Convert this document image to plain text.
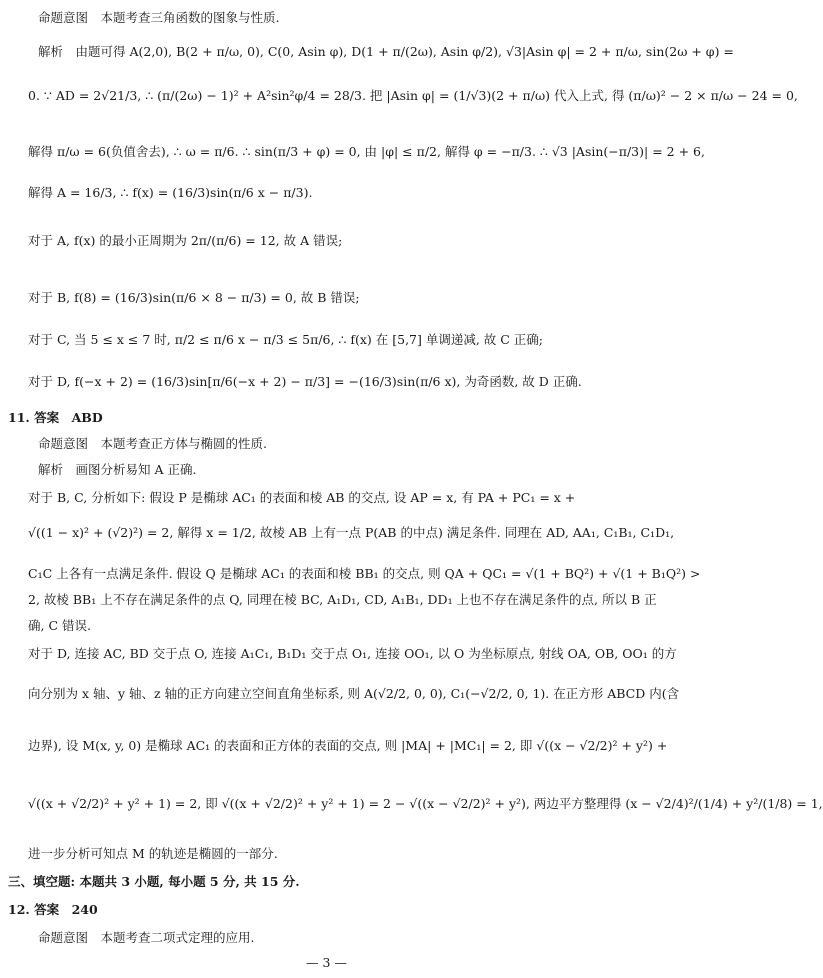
命题意图　本题考查三角函数的图象与性质.
解析　由题可得 A(2,0), B(2 + π/ω, 0), C(0, Asin φ), D(1 + π/(2ω), Asin φ/2), √3|Asin φ| = 2 + π/ω, sin(2ω + φ) =
0. ∵ AD = 2√21/3, ∴ (π/(2ω) − 1)² + A²sin²φ/4 = 28/3. 把 |Asin φ| = (1/√3)(2 + π/ω) 代入上式, 得 (π/ω)² − 2 × π/ω − 24 = 0,
解得 π/ω = 6(负值舍去), ∴ ω = π/6. ∴ sin(π/3 + φ) = 0, 由 |φ| ≤ π/2, 解得 φ = −π/3. ∴ √3 |Asin(−π/3)| = 2 + 6,
解得 A = 16/3, ∴ f(x) = (16/3)sin(π/6 x − π/3).
对于 A, f(x) 的最小正周期为 2π/(π/6) = 12, 故 A 错误;
对于 B, f(8) = (16/3)sin(π/6 × 8 − π/3) = 0, 故 B 错误;
对于 C, 当 5 ≤ x ≤ 7 时, π/2 ≤ π/6 x − π/3 ≤ 5π/6, ∴ f(x) 在 [5,7] 单调递减, 故 C 正确;
对于 D, f(−x + 2) = (16/3)sin[π/6(−x + 2) − π/3] = −(16/3)sin(π/6 x), 为奇函数, 故 D 正确.
11. 答案　ABD
命题意图　本题考查正方体与椭圆的性质.
解析　画图分析易知 A 正确.
对于 B, C, 分析如下: 假设 P 是椭球 AC₁ 的表面和棱 AB 的交点, 设 AP = x, 有 PA + PC₁ = x +
√((1 − x)² + (√2)²) = 2, 解得 x = 1/2, 故棱 AB 上有一点 P(AB 的中点) 满足条件. 同理在 AD, AA₁, C₁B₁, C₁D₁,
C₁C 上各有一点满足条件. 假设 Q 是椭球 AC₁ 的表面和棱 BB₁ 的交点, 则 QA + QC₁ = √(1 + BQ²) + √(1 + B₁Q²) >
2, 故棱 BB₁ 上不存在满足条件的点 Q, 同理在棱 BC, A₁D₁, CD, A₁B₁, DD₁ 上也不存在满足条件的点, 所以 B 正
确, C 错误.
对于 D, 连接 AC, BD 交于点 O, 连接 A₁C₁, B₁D₁ 交于点 O₁, 连接 OO₁, 以 O 为坐标原点, 射线 OA, OB, OO₁ 的方
向分别为 x 轴、y 轴、z 轴的正方向建立空间直角坐标系, 则 A(√2/2, 0, 0), C₁(−√2/2, 0, 1). 在正方形 ABCD 内(含
边界), 设 M(x, y, 0) 是椭球 AC₁ 的表面和正方体的表面的交点, 则 |MA| + |MC₁| = 2, 即 √((x − √2/2)² + y²) +
√((x + √2/2)² + y² + 1) = 2, 即 √((x + √2/2)² + y² + 1) = 2 − √((x − √2/2)² + y²), 两边平方整理得 (x − √2/4)²/(1/4) + y²/(1/8) = 1,
进一步分析可知点 M 的轨迹是椭圆的一部分.
三、填空题: 本题共 3 小题, 每小题 5 分, 共 15 分.
12. 答案　240
命题意图　本题考查二项式定理的应用.
— 3 —
